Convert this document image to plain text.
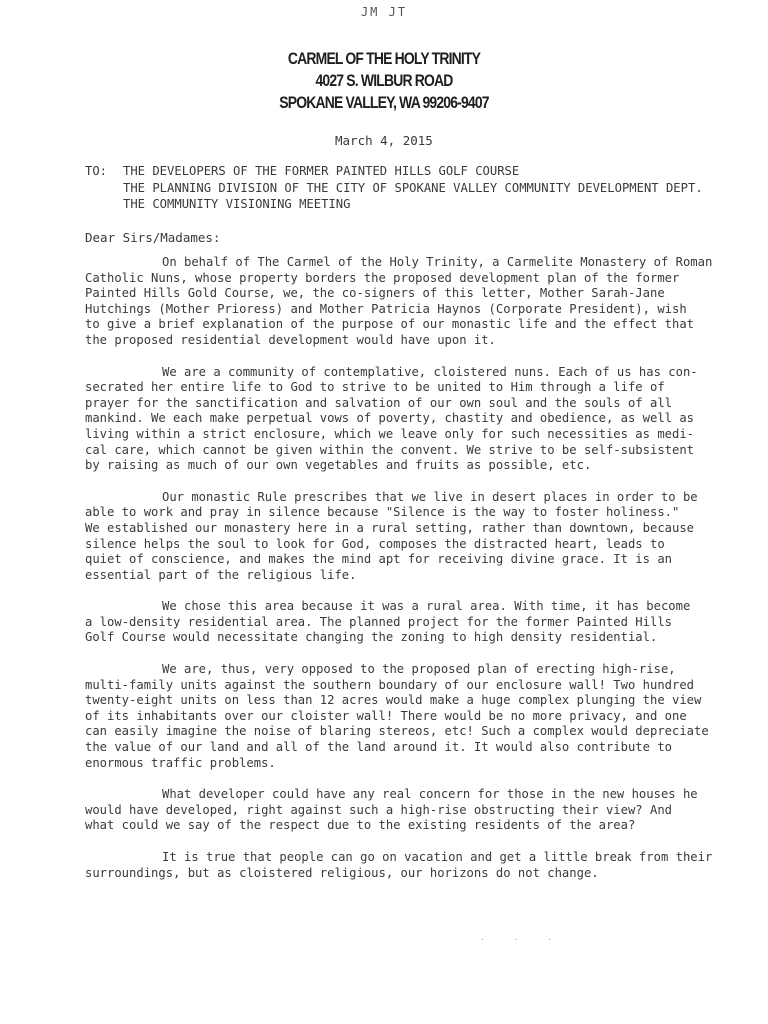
JM JT
CARMEL OF THE HOLY TRINITY
4027 S. WILBUR ROAD
SPOKANE VALLEY, WA 99206-9407
March 4, 2015
TO:	THE DEVELOPERS OF THE FORMER PAINTED HILLS GOLF COURSE
THE PLANNING DIVISION OF THE CITY OF SPOKANE VALLEY COMMUNITY DEVELOPMENT DEPT.
THE COMMUNITY VISIONING MEETING
Dear Sirs/Madames:
On behalf of The Carmel of the Holy Trinity, a Carmelite Monastery of Roman
Catholic Nuns, whose property borders the proposed development plan of the former
Painted Hills Gold Course, we, the co-signers of this letter, Mother Sarah-Jane
Hutchings (Mother Prioress) and Mother Patricia Haynos (Corporate President), wish
to give a brief explanation of the purpose of our monastic life and the effect that
the proposed residential development would have upon it.
We are a community of contemplative, cloistered nuns. Each of us has con-
secrated her entire life to God to strive to be united to Him through a life of
prayer for the sanctification and salvation of our own soul and the souls of all
mankind. We each make perpetual vows of poverty, chastity and obedience, as well as
living within a strict enclosure, which we leave only for such necessities as medi-
cal care, which cannot be given within the convent. We strive to be self-subsistent
by raising as much of our own vegetables and fruits as possible, etc.
Our monastic Rule prescribes that we live in desert places in order to be
able to work and pray in silence because "Silence is the way to foster holiness."
We established our monastery here in a rural setting, rather than downtown, because
silence helps the soul to look for God, composes the distracted heart, leads to
quiet of conscience, and makes the mind apt for receiving divine grace. It is an
essential part of the religious life.
We chose this area because it was a rural area. With time, it has become
a low-density residential area. The planned project for the former Painted Hills
Golf Course would necessitate changing the zoning to high density residential.
We are, thus, very opposed to the proposed plan of erecting high-rise,
multi-family units against the southern boundary of our enclosure wall! Two hundred
twenty-eight units on less than 12 acres would make a huge complex plunging the view
of its inhabitants over our cloister wall! There would be no more privacy, and one
can easily imagine the noise of blaring stereos, etc! Such a complex would depreciate
the value of our land and all of the land around it. It would also contribute to
enormous traffic problems.
What developer could have any real concern for those in the new houses he
would have developed, right against such a high-rise obstructing their view? And
what could we say of the respect due to the existing residents of the area?
It is true that people can go on vacation and get a little break from their
surroundings, but as cloistered religious, our horizons do not change.
· · ·
